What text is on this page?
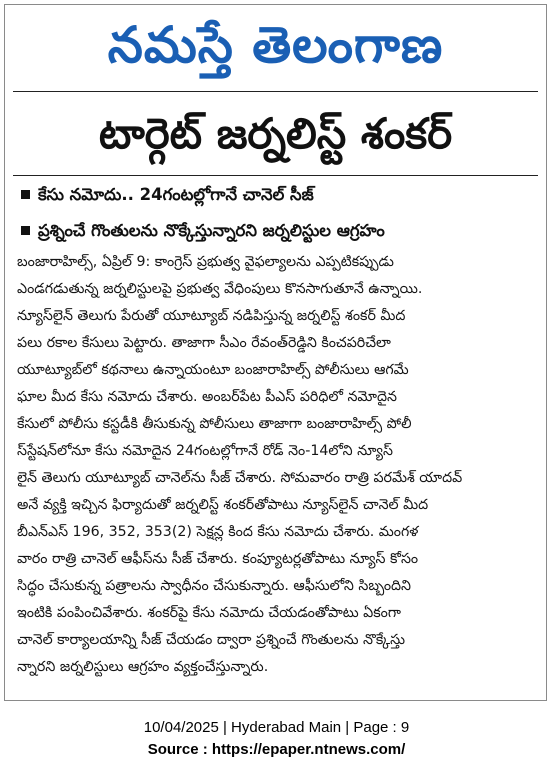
నమస్తే తెలంగాణ
టార్గెట్ జర్నలిస్ట్ శంకర్
కేసు నమోదు.. 24గంటల్లోగానే చానెల్ సీజ్
ప్రశ్నించే గొంతులను నొక్కేస్తున్నారని జర్నలిస్టుల ఆగ్రహం
బంజారాహిల్స్, ఏప్రిల్ 9: కాంగ్రెస్ ప్రభుత్వ వైఫల్యాలను ఎప్పటికప్పుడు
ఎండగడుతున్న జర్నలిస్టులపై ప్రభుత్వ వేధింపులు కొనసాగుతూనే ఉన్నాయి.
న్యూస్‌లైన్ తెలుగు పేరుతో యూట్యూబ్ నడిపిస్తున్న జర్నలిస్ట్ శంకర్ మీద
పలు రకాల కేసులు పెట్టారు. తాజాగా సీఎం రేవంత్‌రెడ్డిని కించపరిచేలా
యూట్యూబ్‌లో కథనాలు ఉన్నాయంటూ బంజారాహిల్స్ పోలీసులు ఆగమే
ఘాల మీద కేసు నమోదు చేశారు. అంబర్‌పేట పీఎస్ పరిధిలో నమోదైన
కేసులో పోలీసు కస్టడీకి తీసుకున్న పోలీసులు తాజాగా బంజారాహిల్స్ పోలీ
స్‌స్టేషన్‌లోనూ కేసు నమోదైన 24గంటల్లోగానే రోడ్ నెం-14లోని న్యూస్
లైన్ తెలుగు యూట్యూబ్ చానెల్‌ను సీజ్ చేశారు. సోమవారం రాత్రి పరమేశ్ యాదవ్
అనే వ్యక్తి ఇచ్చిన ఫిర్యాదుతో జర్నలిస్ట్ శంకర్‌తోపాటు న్యూస్‌లైన్ చానెల్ మీద
బీఎన్ఎస్ 196, 352, 353(2) సెక్షన్ల కింద కేసు నమోదు చేశారు. మంగళ
వారం రాత్రి చానెల్ ఆఫీస్‌ను సీజ్ చేశారు. కంప్యూటర్లతోపాటు న్యూస్ కోసం
సిద్ధం చేసుకున్న పత్రాలను స్వాధీనం చేసుకున్నారు. ఆఫీసులోని సిబ్బందిని
ఇంటికి పంపించివేశారు. శంకర్‌పై కేసు నమోదు చేయడంతోపాటు ఏకంగా
చానెల్ కార్యాలయాన్ని సీజ్ చేయడం ద్వారా ప్రశ్నించే గొంతులను నొక్కేస్తు
న్నారని జర్నలిస్టులు ఆగ్రహం వ్యక్తంచేస్తున్నారు.
10/04/2025 | Hyderabad Main | Page : 9
Source : https://epaper.ntnews.com/
